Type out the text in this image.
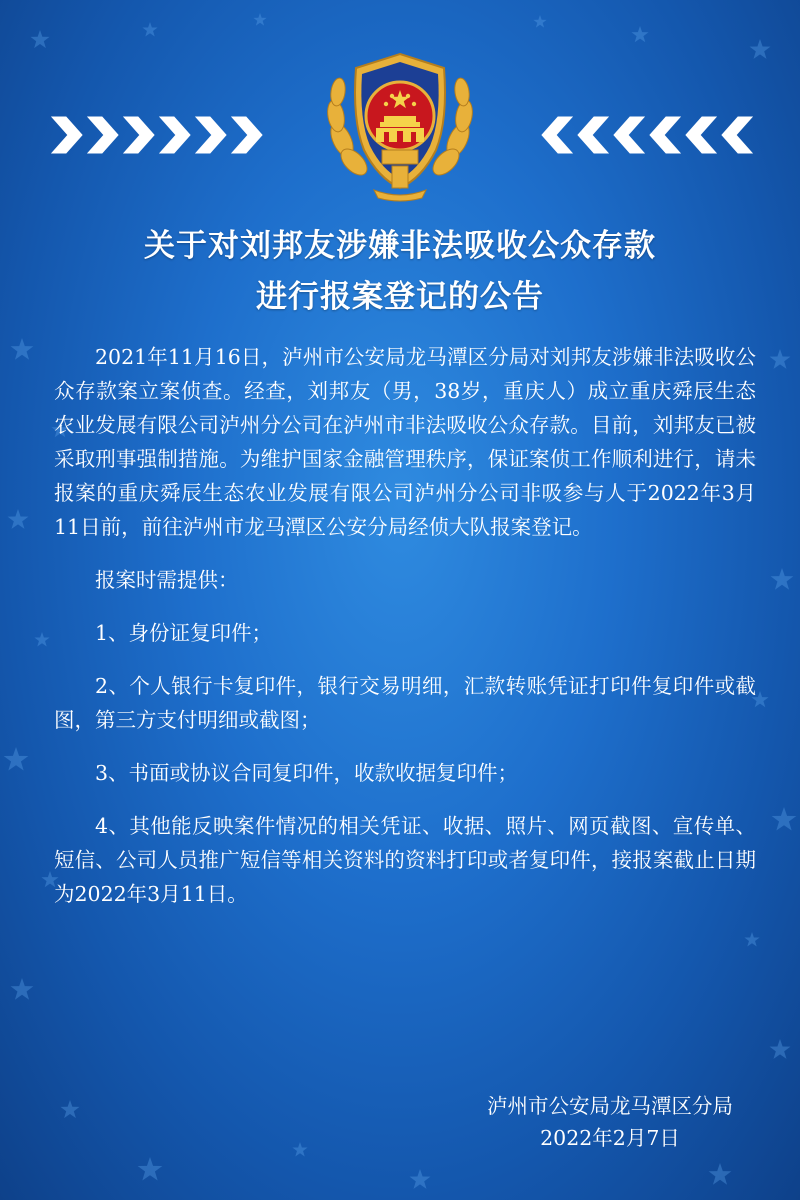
关于对刘邦友涉嫌非法吸收公众存款
进行报案登记的公告

2021年11月16日，泸州市公安局龙马潭区分局对刘邦友涉嫌非法吸收公众存款案立案侦查。经查，刘邦友（男，38岁，重庆人）成立重庆舜辰生态农业发展有限公司泸州分公司在泸州市非法吸收公众存款。目前，刘邦友已被采取刑事强制措施。为维护国家金融管理秩序，保证案侦工作顺利进行，请未报案的重庆舜辰生态农业发展有限公司泸州分公司非吸参与人于2022年3月11日前，前往泸州市龙马潭区公安分局经侦大队报案登记。

报案时需提供：

1、身份证复印件；

2、个人银行卡复印件，银行交易明细，汇款转账凭证打印件复印件或截图，第三方支付明细或截图；

3、书面或协议合同复印件，收款收据复印件；

4、其他能反映案件情况的相关凭证、收据、照片、网页截图、宣传单、短信、公司人员推广短信等相关资料的资料打印或者复印件，接报案截止日期为2022年3月11日。

泸州市公安局龙马潭区分局
2022年2月7日
